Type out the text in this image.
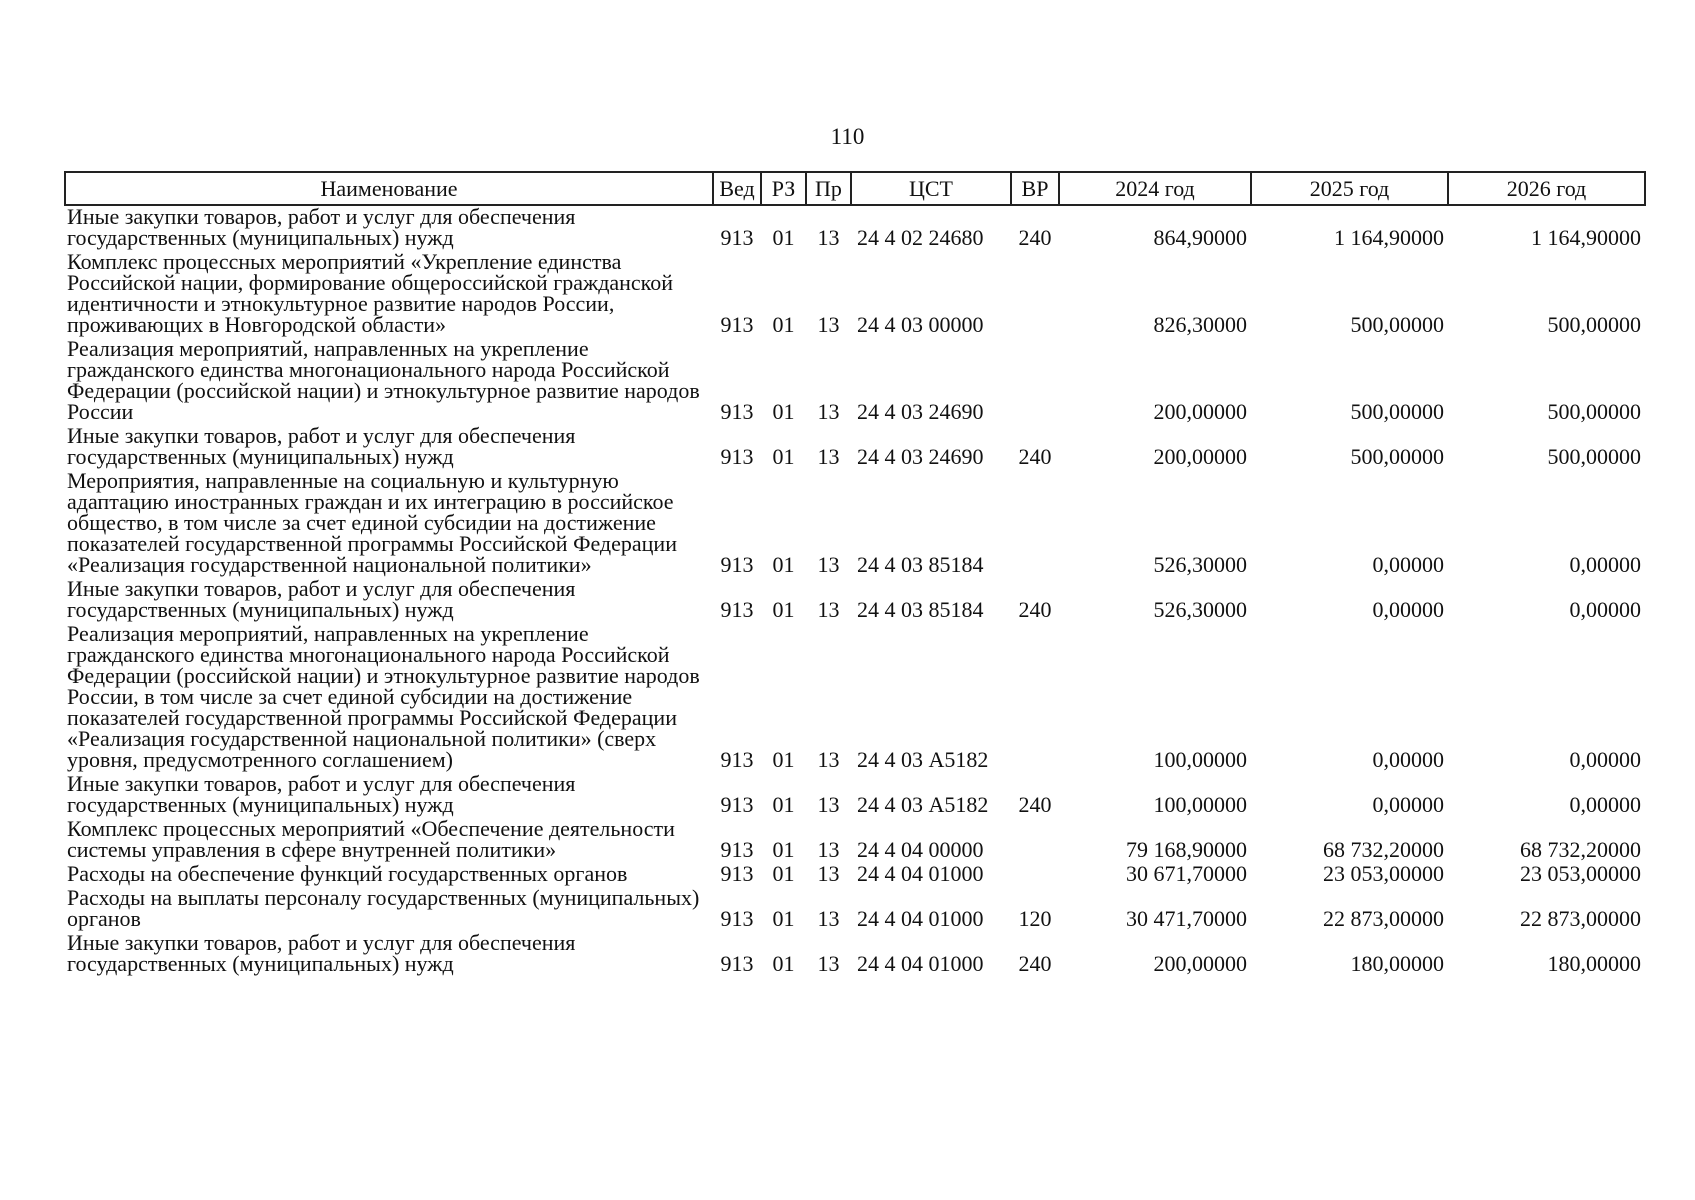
110
Наименование	Вед	РЗ	Пр	ЦСТ	ВР	2024 год	2025 год	2026 год
Иные закупки товаров, работ и услуг для обеспечения государственных (муниципальных) нужд	913	01	13	24 4 02 24680	240	864,90000	1 164,90000	1 164,90000
Комплекс процессных мероприятий «Укрепление единства Российской нации, формирование общероссийской гражданской идентичности и этнокультурное развитие народов России, проживающих в Новгородской области»	913	01	13	24 4 03 00000		826,30000	500,00000	500,00000
Реализация мероприятий, направленных на укрепление гражданского единства многонационального народа Российской Федерации (российской нации) и этнокультурное развитие народов России	913	01	13	24 4 03 24690		200,00000	500,00000	500,00000
Иные закупки товаров, работ и услуг для обеспечения государственных (муниципальных) нужд	913	01	13	24 4 03 24690	240	200,00000	500,00000	500,00000
Мероприятия, направленные на социальную и культурную адаптацию иностранных граждан и их интеграцию в российское общество, в том числе за счет единой субсидии на достижение показателей государственной программы Российской Федерации «Реализация государственной национальной политики»	913	01	13	24 4 03 85184		526,30000	0,00000	0,00000
Иные закупки товаров, работ и услуг для обеспечения государственных (муниципальных) нужд	913	01	13	24 4 03 85184	240	526,30000	0,00000	0,00000
Реализация мероприятий, направленных на укрепление гражданского единства многонационального народа Российской Федерации (российской нации) и этнокультурное развитие народов России, в том числе за счет единой субсидии на достижение показателей государственной программы Российской Федерации «Реализация государственной национальной политики» (сверх уровня, предусмотренного соглашением)	913	01	13	24 4 03 А5182		100,00000	0,00000	0,00000
Иные закупки товаров, работ и услуг для обеспечения государственных (муниципальных) нужд	913	01	13	24 4 03 А5182	240	100,00000	0,00000	0,00000
Комплекс процессных мероприятий «Обеспечение деятельности системы управления в сфере внутренней политики»	913	01	13	24 4 04 00000		79 168,90000	68 732,20000	68 732,20000
Расходы на обеспечение функций государственных органов	913	01	13	24 4 04 01000		30 671,70000	23 053,00000	23 053,00000
Расходы на выплаты персоналу государственных (муниципальных) органов	913	01	13	24 4 04 01000	120	30 471,70000	22 873,00000	22 873,00000
Иные закупки товаров, работ и услуг для обеспечения государственных (муниципальных) нужд	913	01	13	24 4 04 01000	240	200,00000	180,00000	180,00000
